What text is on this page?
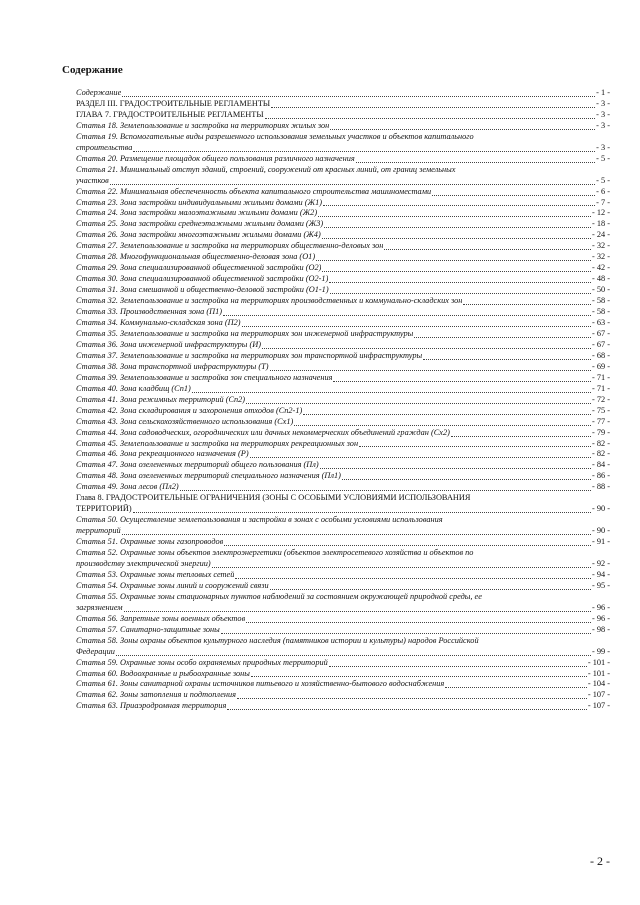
Содержание
Содержание	- 1 -
РАЗДЕЛ III. ГРАДОСТРОИТЕЛЬНЫЕ РЕГЛАМЕНТЫ	- 3 -
ГЛАВА 7. ГРАДОСТРОИТЕЛЬНЫЕ РЕГЛАМЕНТЫ	- 3 -
Статья 18. Землепользование и застройка на территориях жилых зон	- 3 -
Статья 19. Вспомогательные виды разрешенного использования земельных участков и объектов капитального
строительства	- 3 -
Статья 20. Размещение площадок общего пользования различного назначения	- 5 -
Статья 21. Минимальный отступ зданий, строений, сооружений от красных линий, от границ земельных
участков	- 5 -
Статья 22. Минимальная обеспеченность объекта капитального строительства машиноместами	- 6 -
Статья 23. Зона застройки индивидуальными жилыми домами (Ж1)	- 7 -
Статья 24. Зона застройки малоэтажными жилыми домами (Ж2)	- 12 -
Статья 25. Зона застройки среднеэтажными жилыми домами (Ж3)	- 18 -
Статья 26. Зона застройки многоэтажными жилыми домами (Ж4)	- 24 -
Статья 27. Землепользование и застройка на территориях общественно-деловых зон	- 32 -
Статья 28. Многофункциональная общественно-деловая зона (О1)	- 32 -
Статья 29. Зона специализированной общественной застройки (О2)	- 42 -
Статья 30. Зона специализированной общественной застройки (О2-1)	- 48 -
Статья 31. Зона смешанной и общественно-деловой застройки (О1-1)	- 50 -
Статья 32. Землепользование и застройка на территориях производственных и коммунально-складских зон	- 58 -
Статья 33. Производственная зона (П1)	- 58 -
Статья 34. Коммунально-складская зона (П2)	- 63 -
Статья 35. Землепользование и застройка на территориях зон инженерной инфраструктуры	- 67 -
Статья 36. Зона инженерной инфраструктуры (И)	- 67 -
Статья 37. Землепользование и застройка на территориях зон транспортной инфраструктуры	- 68 -
Статья 38. Зона транспортной инфраструктуры (Т)	- 69 -
Статья 39. Землепользование и застройка зон специального назначения	- 71 -
Статья 40. Зона кладбищ (Сп1)	- 71 -
Статья 41. Зона режимных территорий (Сп2)	- 72 -
Статья 42. Зона складирования и захоронения отходов (Сп2-1)	- 75 -
Статья 43. Зона сельскохозяйственного использования (Сх1)	- 77 -
Статья 44. Зона садоводческих, огороднических или дачных некоммерческих объединений граждан (Сх2)	- 79 -
Статья 45. Землепользование и застройка на территориях рекреационных зон	- 82 -
Статья 46. Зона рекреационного назначения (Р)	- 82 -
Статья 47. Зона озелененных территорий общего пользования (Пл)	- 84 -
Статья 48. Зона озелененных территорий специального назначения (Пл1)	- 86 -
Статья 49. Зона лесов (Пл2)	- 88 -
Глава 8. ГРАДОСТРОИТЕЛЬНЫЕ ОГРАНИЧЕНИЯ (ЗОНЫ С ОСОБЫМИ УСЛОВИЯМИ ИСПОЛЬЗОВАНИЯ
ТЕРРИТОРИЙ)	- 90 -
Статья 50. Осуществление землепользования и застройки в зонах с особыми условиями использования
территорий	- 90 -
Статья 51. Охранные зоны газопроводов	- 91 -
Статья 52. Охранные зоны объектов электроэнергетики (объектов электросетевого хозяйства и объектов по
производству электрической энергии)	- 92 -
Статья 53. Охранные зоны тепловых сетей	- 94 -
Статья 54. Охранные зоны линий и сооружений связи	- 95 -
Статья 55. Охранные зоны стационарных пунктов наблюдений за состоянием окружающей природной среды, ее
загрязнением	- 96 -
Статья 56. Запретные зоны военных объектов	- 96 -
Статья 57. Санитарно-защитные зоны	- 98 -
Статья 58. Зоны охраны объектов культурного наследия (памятников истории и культуры) народов Российской
Федерации	- 99 -
Статья 59. Охранные зоны особо охраняемых природных территорий	- 101 -
Статья 60. Водоохранные и рыбоохранные зоны	- 101 -
Статья 61. Зоны санитарной охраны источников питьевого и хозяйственно-бытового водоснабжения	- 104 -
Статья 62. Зоны затопления и подтопления	- 107 -
Статья 63. Приаэродромная территория	- 107 -
- 2 -
